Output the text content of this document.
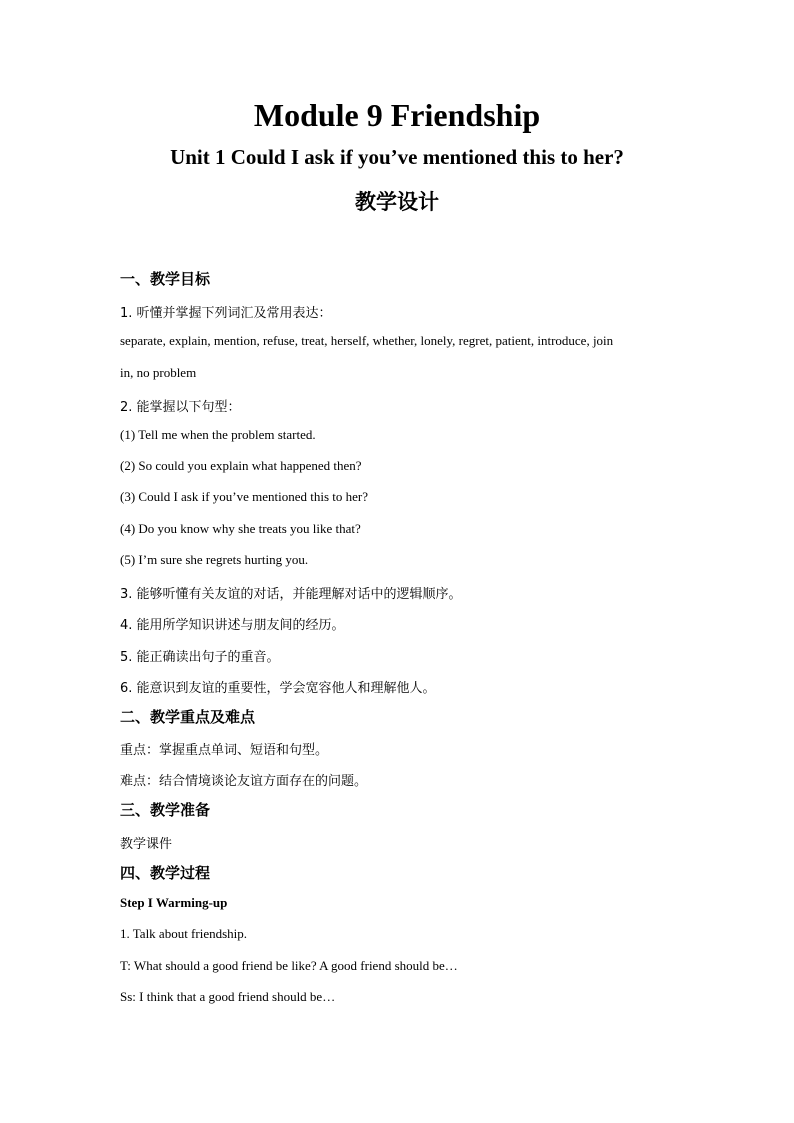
Module 9 Friendship
Unit 1 Could I ask if you’ve mentioned this to her?
教学设计
一、教学目标
1. 听懂并掌握下列词汇及常用表达：
separate, explain, mention, refuse, treat, herself, whether, lonely, regret, patient, introduce, join
in, no problem
2. 能掌握以下句型：
(1) Tell me when the problem started.
(2) So could you explain what happened then?
(3) Could I ask if you’ve mentioned this to her?
(4) Do you know why she treats you like that?
(5) I’m sure she regrets hurting you.
3. 能够听懂有关友谊的对话，并能理解对话中的逻辑顺序。
4. 能用所学知识讲述与朋友间的经历。
5. 能正确读出句子的重音。
6. 能意识到友谊的重要性，学会宽容他人和理解他人。
二、教学重点及难点
重点：掌握重点单词、短语和句型。
难点：结合情境谈论友谊方面存在的问题。
三、教学准备
教学课件
四、教学过程
Step I Warming-up
1. Talk about friendship.
T: What should a good friend be like? A good friend should be…
Ss: I think that a good friend should be…
